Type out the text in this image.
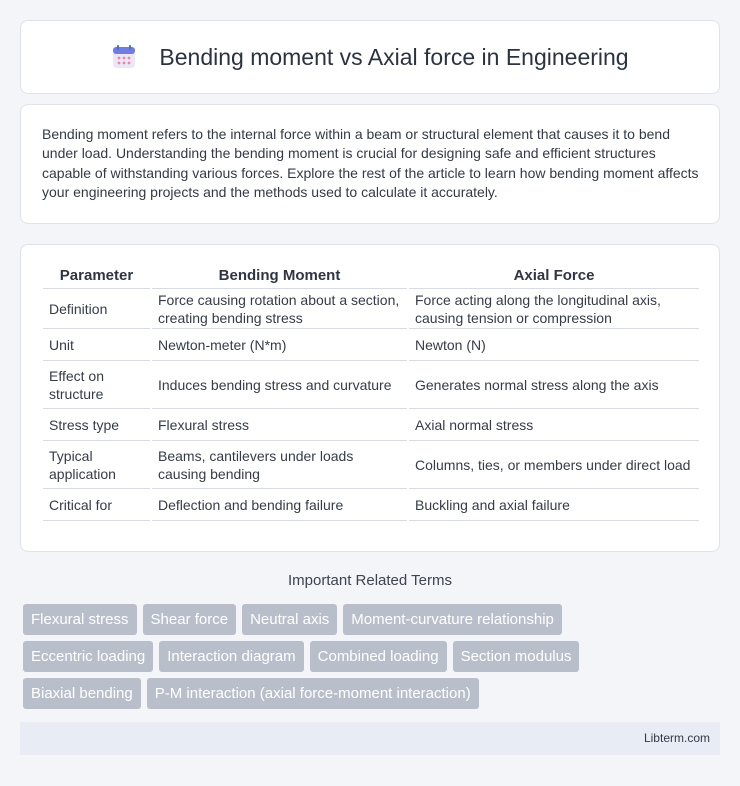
Bending moment vs Axial force in Engineering

Bending moment refers to the internal force within a beam or structural element that causes it to bend under load. Understanding the bending moment is crucial for designing safe and efficient structures capable of withstanding various forces. Explore the rest of the article to learn how bending moment affects your engineering projects and the methods used to calculate it accurately.

Parameter		Bending Moment		Axial Force
Definition		Force causing rotation about a section, creating bending stress		Force acting along the longitudinal axis, causing tension or compression
Unit		Newton-meter (N*m)		Newton (N)
Effect on structure		Induces bending stress and curvature		Generates normal stress along the axis
Stress type		Flexural stress		Axial normal stress
Typical application		Beams, cantilevers under loads causing bending		Columns, ties, or members under direct load
Critical for		Deflection and bending failure		Buckling and axial failure
Important Related Terms
Flexural stress	Shear force	Neutral axis	Moment-curvature relationship
Eccentric loading	Interaction diagram	Combined loading	Section modulus
Biaxial bending	P-M interaction (axial force-moment interaction)
Libterm.com
